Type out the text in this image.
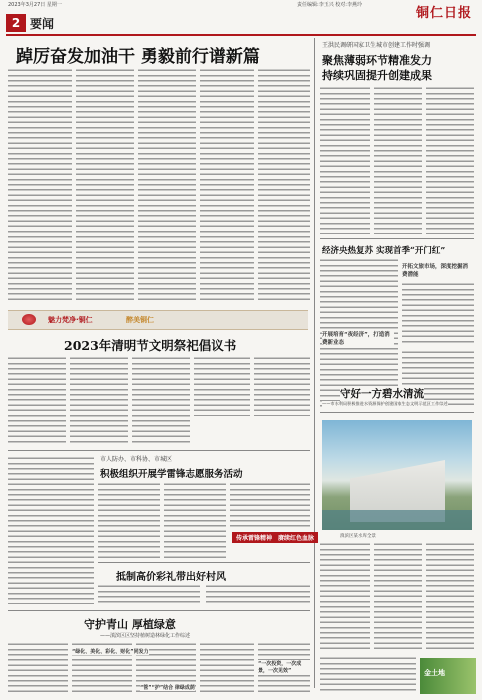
2023年3月27日 星期一	责任编辑:李玉兴 校对:李燕玲
铜仁日报
2 要闻
踔厉奋发加油干 勇毅前行谱新篇
王洪民调研国家卫生城市创建工作时强调
聚焦薄弱环节精准发力
持续巩固提升创建成果
经济央热复苏 实现首季“开门红”
开拓文旅市场，深度挖掘消费潜能
开展培育“夜经济”，打造消费新业态
魅力梵净·铜仁	醉美铜仁
2023年清明节文明祭祀倡议书
市人防办、市科协、市城区
积极组织开展学雷锋志愿服务活动
传承雷锋精神 赓续红色血脉
抵制高价彩礼带出好村风
守护青山 厚植绿意
——滇滨区区坚持植树造林绿化工作综述
“绿化、美化、彩化、财化”同发力
“一次投资，一次成景，一次见效”
“管”“护”结合 律绿成荫
守好一方碧水清流
——市水利局积极推进水资源保护创建国家生态文明示范区工作综述
滇滨区某水库全景
金土地
